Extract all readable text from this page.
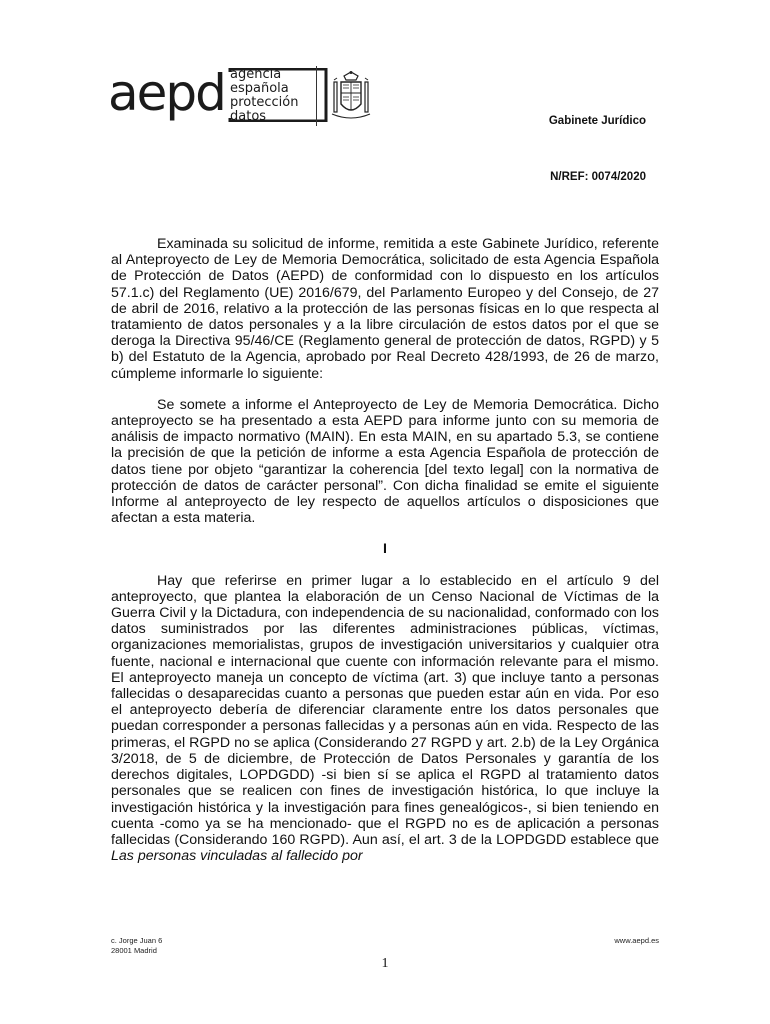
aepd agencia
española
protección
datos	Gabinete Jurídico
N/REF: 0074/2020

Examinada su solicitud de informe, remitida a este Gabinete Jurídico, referente al Anteproyecto de Ley de Memoria Democrática, solicitado de esta Agencia Española de Protección de Datos (AEPD) de conformidad con lo dispuesto en los artículos 57.1.c) del Reglamento (UE) 2016/679, del Parlamento Europeo y del Consejo, de 27 de abril de 2016, relativo a la protección de las personas físicas en lo que respecta al tratamiento de datos personales y a la libre circulación de estos datos por el que se deroga la Directiva 95/46/CE (Reglamento general de protección de datos, RGPD) y 5 b) del Estatuto de la Agencia, aprobado por Real Decreto 428/1993, de 26 de marzo, cúmpleme informarle lo siguiente:

Se somete a informe el Anteproyecto de Ley de Memoria Democrática. Dicho anteproyecto se ha presentado a esta AEPD para informe junto con su memoria de análisis de impacto normativo (MAIN). En esta MAIN, en su apartado 5.3, se contiene la precisión de que la petición de informe a esta Agencia Española de protección de datos tiene por objeto “garantizar la coherencia [del texto legal] con la normativa de protección de datos de carácter personal”. Con dicha finalidad se emite el siguiente Informe al anteproyecto de ley respecto de aquellos artículos o disposiciones que afectan a esta materia.

I

Hay que referirse en primer lugar a lo establecido en el artículo 9 del anteproyecto, que plantea la elaboración de un Censo Nacional de Víctimas de la Guerra Civil y la Dictadura, con independencia de su nacionalidad, conformado con los datos suministrados por las diferentes administraciones públicas, víctimas, organizaciones memorialistas, grupos de investigación universitarios y cualquier otra fuente, nacional e internacional que cuente con información relevante para el mismo. El anteproyecto maneja un concepto de víctima (art. 3) que incluye tanto a personas fallecidas o desaparecidas cuanto a personas que pueden estar aún en vida. Por eso el anteproyecto debería de diferenciar claramente entre los datos personales que puedan corresponder a personas fallecidas y a personas aún en vida. Respecto de las primeras, el RGPD no se aplica (Considerando 27 RGPD y art. 2.b) de la Ley Orgánica 3/2018, de 5 de diciembre, de Protección de Datos Personales y garantía de los derechos digitales, LOPDGDD) -si bien sí se aplica el RGPD al tratamiento datos personales que se realicen con fines de investigación histórica, lo que incluye la investigación histórica y la investigación para fines genealógicos-, si bien teniendo en cuenta -como ya se ha mencionado- que el RGPD no es de aplicación a personas fallecidas (Considerando 160 RGPD). Aun así, el art. 3 de la LOPDGDD establece que Las personas vinculadas al fallecido por

c. Jorge Juan 6
28001 Madrid
www.aepd.es
1
